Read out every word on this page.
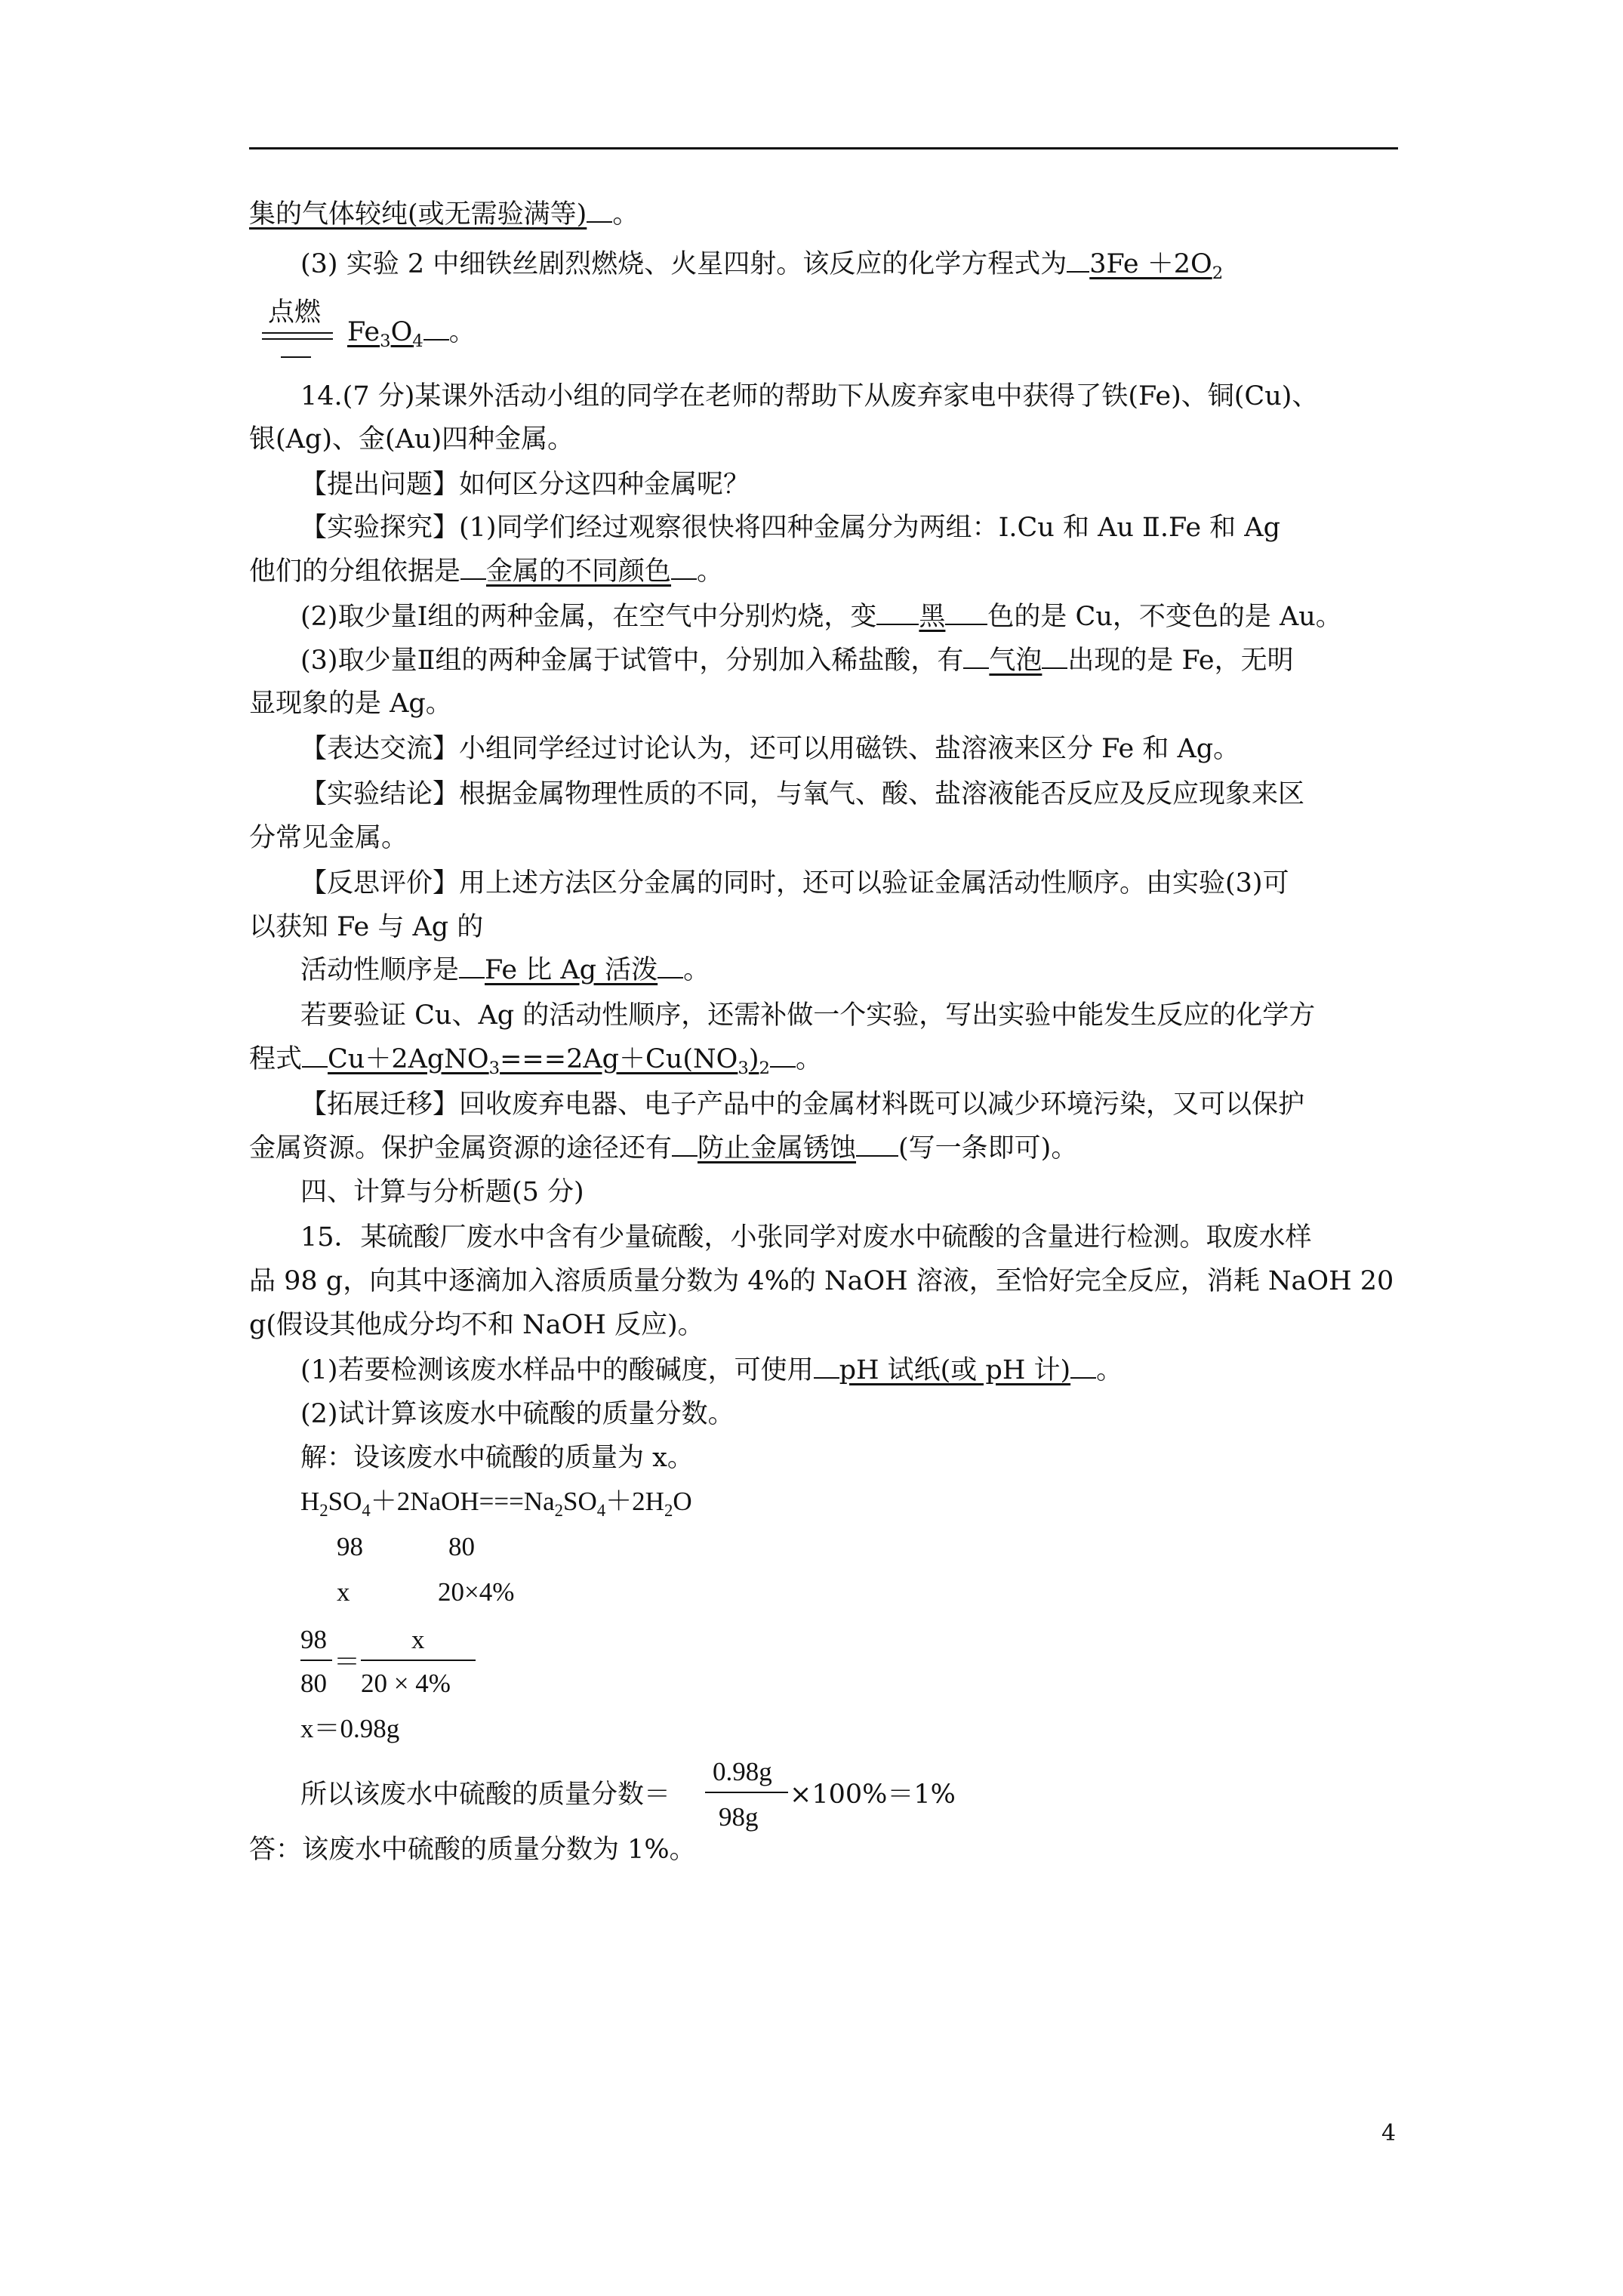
集的气体较纯(或无需验满等) 。
(3) 实验 2 中细铁丝剧烈燃烧、火星四射。该反应的化学方程式为 $3Fe +2O_2$
点燃
$Fe_3O_4$ 。
14.(7 分)某课外活动小组的同学在老师的帮助下从废弃家电中获得了铁(Fe)、铜(Cu)、
银(Ag)、金(Au)四种金属。
【提出问题】如何区分这四种金属呢？
【实验探究】(1)同学们经过观察很快将四种金属分为两组：Ⅰ.Cu 和 Au Ⅱ.Fe 和 Ag
他们的分组依据是 金属的不同颜色 。
(2)取少量Ⅰ组的两种金属，在空气中分别灼烧，变 黑 色的是 Cu，不变色的是 Au。
(3)取少量Ⅱ组的两种金属于试管中，分别加入稀盐酸，有 气泡 出现的是 Fe，无明
显现象的是 Ag。
【表达交流】小组同学经过讨论认为，还可以用磁铁、盐溶液来区分 Fe 和 Ag。
【实验结论】根据金属物理性质的不同，与氧气、酸、盐溶液能否反应及反应现象来区
分常见金属。
【反思评价】用上述方法区分金属的同时，还可以验证金属活动性顺序。由实验(3)可
以获知 Fe 与 Ag 的
活动性顺序是 Fe 比 Ag 活泼 。
若要验证 Cu、Ag 的活动性顺序，还需补做一个实验，写出实验中能发生反应的化学方
程式 $Cu+2AgNO_3===2Ag+Cu(NO_3)_2$ 。
【拓展迁移】回收废弃电器、电子产品中的金属材料既可以减少环境污染，又可以保护
金属资源。保护金属资源的途径还有 防止金属锈蚀 (写一条即可)。
四、计算与分析题(5 分)
15．某硫酸厂废水中含有少量硫酸，小张同学对废水中硫酸的含量进行检测。取废水样
品 98 g，向其中逐滴加入溶质质量分数为 4%的 NaOH 溶液，至恰好完全反应，消耗 NaOH 20
g(假设其他成分均不和 NaOH 反应)。
(1)若要检测该废水样品中的酸碱度，可使用 pH 试纸(或 pH 计) 。
(2)试计算该废水中硫酸的质量分数。
解：设该废水中硫酸的质量为 x。
$H_2SO_4+2NaOH===Na_2SO_4+2H_2O$
98	80
x	20×4%
98
80
＝
x
20 × 4%
x＝0.98g
所以该废水中硫酸的质量分数＝
0.98g
98g
×100%＝1%
答：该废水中硫酸的质量分数为 1%。
4
